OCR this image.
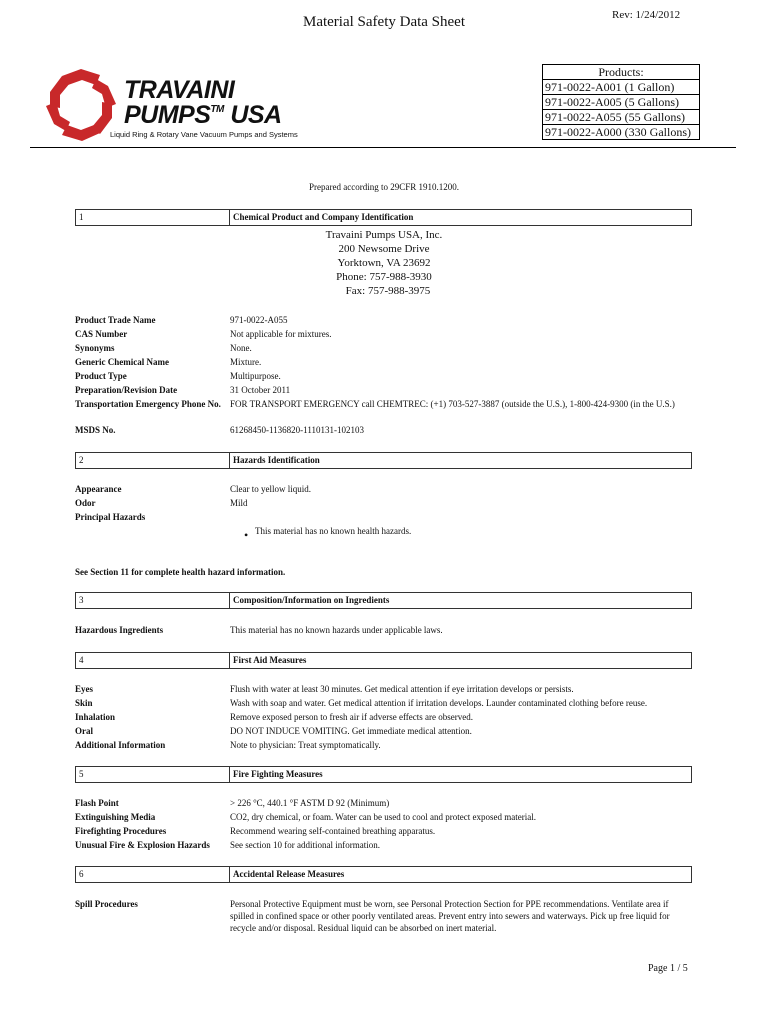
Rev: 1/24/2012
Material Safety Data Sheet
TRAVAINI
PUMPS™ USA
Liquid Ring & Rotary Vane Vacuum Pumps and Systems
Products:
971-0022-A001 (1 Gallon)
971-0022-A005 (5 Gallons)
971-0022-A055 (55 Gallons)
971-0022-A000 (330 Gallons)
Prepared according to 29CFR 1910.1200.
1	Chemical Product and Company Identification
Travaini Pumps USA, Inc.
200 Newsome Drive
Yorktown, VA 23692
Phone: 757-988-3930
Fax: 757-988-3975
Product Trade Name	971-0022-A055
CAS Number	Not applicable for mixtures.
Synonyms	None.
Generic Chemical Name	Mixture.
Product Type	Multipurpose.
Preparation/Revision Date	31 October 2011
Transportation Emergency Phone No.	FOR TRANSPORT EMERGENCY call CHEMTREC: (+1) 703-527-3887 (outside the U.S.), 1-800-424-9300 (in the U.S.)
MSDS No.	61268450-1136820-1110131-102103
2	Hazards Identification
Appearance	Clear to yellow liquid.
Odor	Mild
Principal Hazards
• This material has no known health hazards.
See Section 11 for complete health hazard information.
3	Composition/Information on Ingredients
Hazardous Ingredients	This material has no known hazards under applicable laws.
4	First Aid Measures
Eyes	Flush with water at least 30 minutes. Get medical attention if eye irritation develops or persists.
Skin	Wash with soap and water. Get medical attention if irritation develops. Launder contaminated clothing before reuse.
Inhalation	Remove exposed person to fresh air if adverse effects are observed.
Oral	DO NOT INDUCE VOMITING. Get immediate medical attention.
Additional Information	Note to physician: Treat symptomatically.
5	Fire Fighting Measures
Flash Point	> 226 °C, 440.1 °F ASTM D 92 (Minimum)
Extinguishing Media	CO2, dry chemical, or foam. Water can be used to cool and protect exposed material.
Firefighting Procedures	Recommend wearing self-contained breathing apparatus.
Unusual Fire & Explosion Hazards	See section 10 for additional information.
6	Accidental Release Measures
Spill Procedures	Personal Protective Equipment must be worn, see Personal Protection Section for PPE recommendations. Ventilate area if spilled in confined space or other poorly ventilated areas. Prevent entry into sewers and waterways. Pick up free liquid for recycle and/or disposal. Residual liquid can be absorbed on inert material.
Page 1 / 5
